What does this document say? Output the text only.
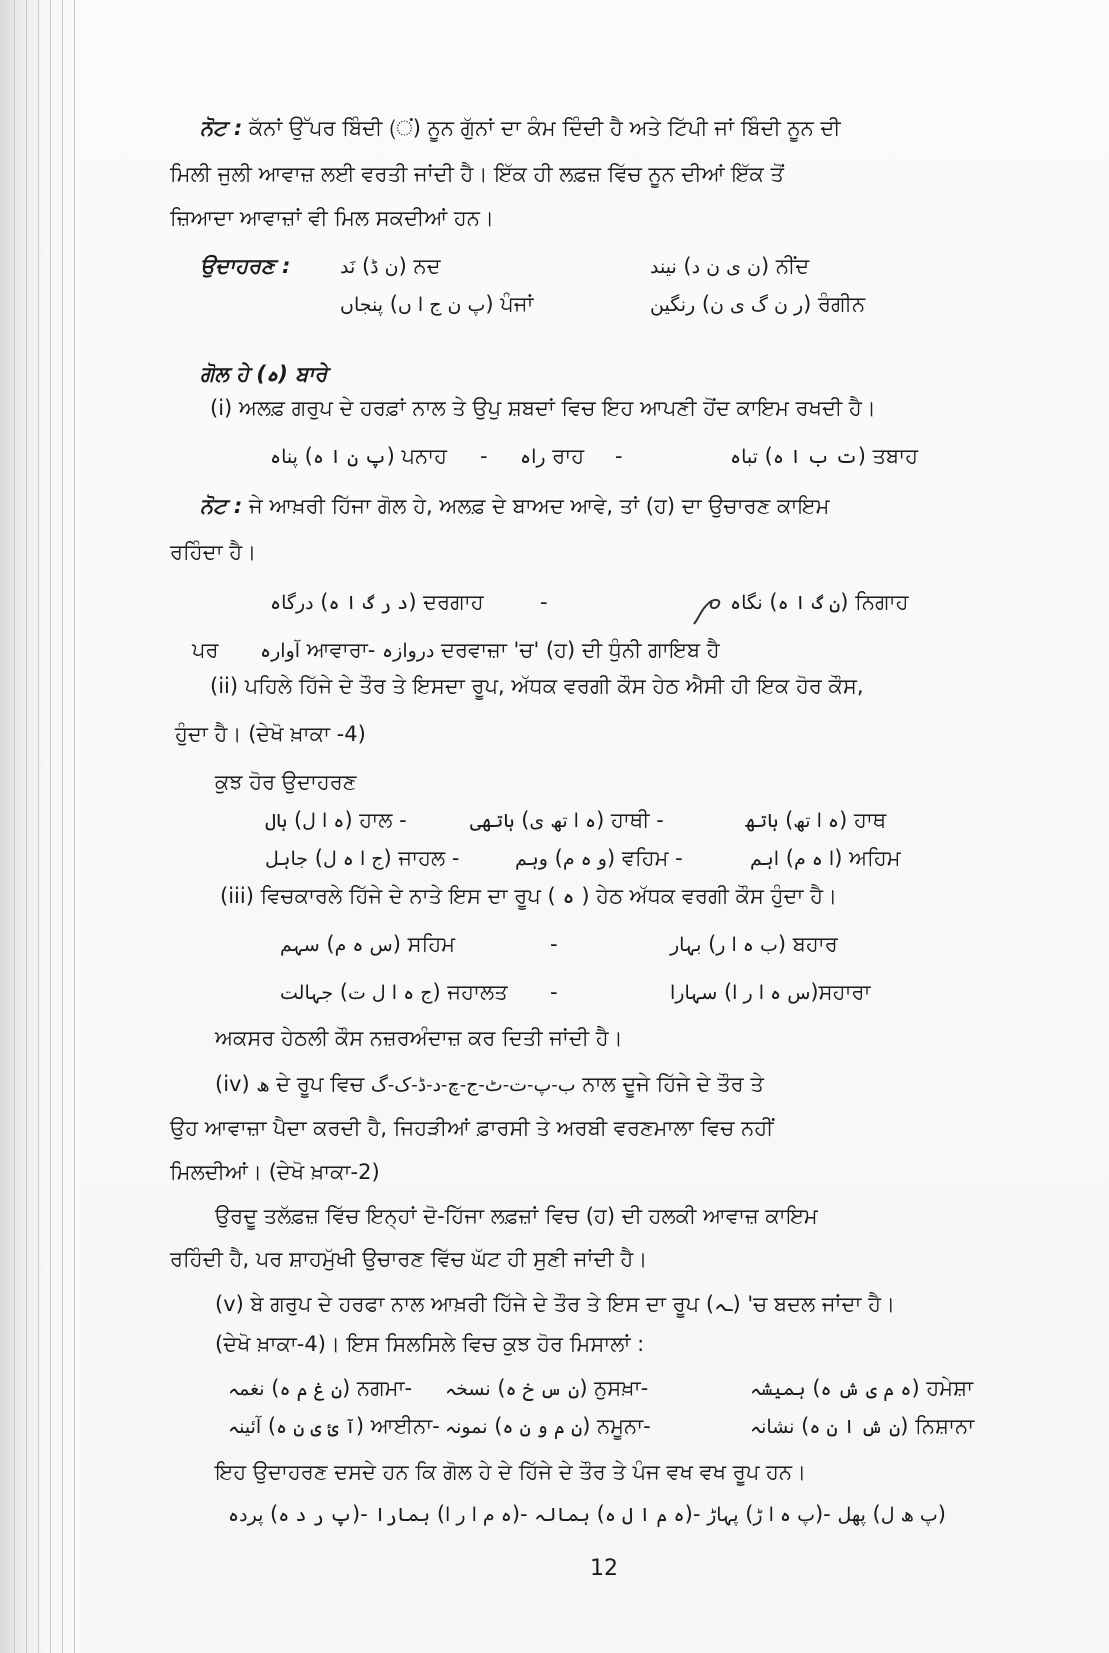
ਨੋਟ : ਕੱਨਾਂ ਉੱਪਰ ਬਿੰਦੀ (ਂ) ਨੂਨ ਗੁੱਨਾਂ ਦਾ ਕੰਮ ਦਿੰਦੀ ਹੈ ਅਤੇ ਟਿੱਪੀ ਜਾਂ ਬਿੰਦੀ ਨੂਨ ਦੀ
ਮਿਲੀ ਜੁਲੀ ਆਵਾਜ਼ ਲਈ ਵਰਤੀ ਜਾਂਦੀ ਹੈ। ਇੱਕ ਹੀ ਲਫ਼ਜ਼ ਵਿੱਚ ਨੂਨ ਦੀਆਂ ਇੱਕ ਤੋਂ
ਜ਼ਿਆਦਾ ਆਵਾਜ਼ਾਂ ਵੀ ਮਿਲ ਸਕਦੀਆਂ ਹਨ।
ਉਦਾਹਰਣ :	نَد (ن ڈ) ਨਦ	نیند (ن ی ن د) ਨੀਂਦ
پنجاں (پ ن ج ا ں) ਪੰਜਾਂ	رنگین (ر ن گ ی ن) ਰੰਗੀਨ
ਗੋਲ ਹੇ (ہ) ਬਾਰੇ
(i) ਅਲਫ਼ ਗਰੁਪ ਦੇ ਹਰਫ਼ਾਂ ਨਾਲ ਤੇ ਉਪੁ ਸ਼ਬਦਾਂ ਵਿਚ ਇਹ ਆਪਣੀ ਹੋਂਦ ਕਾਇਮ ਰਖਦੀ ਹੈ।
پناہ (پ ن ا ہ) ਪਨਾਹ - راہ ਰਾਹ -	تباہ (ت ب ا ہ) ਤਬਾਹ
ਨੋਟ : ਜੇ ਆਖ਼ਰੀ ਹਿੱਜਾ ਗੋਲ ਹੇ, ਅਲਫ਼ ਦੇ ਬਾਅਦ ਆਵੇ, ਤਾਂ (ਹ) ਦਾ ਉਚਾਰਣ ਕਾਇਮ
ਰਹਿੰਦਾ ਹੈ।
درگاہ (د ر گ ا ہ) ਦਰਗਾਹ	-	نگاہ (ن گ ا ہ) ਨਿਗਾਹ
ਪਰ آوارہ ਆਵਾਰਾ- دروازہ ਦਰਵਾਜ਼ਾ 'ਚ' (ਹ) ਦੀ ਧੁੰਨੀ ਗਾਇਬ ਹੈ
(ii) ਪਹਿਲੇ ਹਿੱਜੇ ਦੇ ਤੌਰ ਤੇ ਇਸਦਾ ਰੂਪ, ਅੱਧਕ ਵਰਗੀ ਕੌਸ ਹੇਠ ਐਸੀ ਹੀ ਇਕ ਹੋਰ ਕੌਸ,
ਹੁੰਦਾ ਹੈ। (ਦੇਖੋ ਖ਼ਾਕਾ -4)
ਕੁਝ ਹੋਰ ਉਦਾਹਰਣ
ہال (ہ ا ل) ਹਾਲ -	ہاتھی (ہ ا تھ ی) ਹਾਥੀ -	ہاتھ (ہ ا تھ) ਹਾਥ
جاہل (ج ا ہ ل) ਜਾਹਲ -	وہم (و ہ م) ਵਹਿਮ -	اہم (ا ہ م) ਅਹਿਮ
(iii) ਵਿਚਕਾਰਲੇ ਹਿੱਜੇ ਦੇ ਨਾਤੇ ਇਸ ਦਾ ਰੂਪ ( ہ ) ਹੇਠ ਅੱਧਕ ਵਰਗੀ ਕੌਸ ਹੁੰਦਾ ਹੈ।
سہم (س ہ م) ਸਹਿਮ	-	بہار (ب ہ ا ر) ਬਹਾਰ
جہالت (ج ہ ا ل ت) ਜਹਾਲਤ -	سہارا (س ہ ا ر ا)ਸਹਾਰਾ
ਅਕਸਰ ਹੇਠਲੀ ਕੌਸ ਨਜ਼ਰਅੰਦਾਜ਼ ਕਰ ਦਿਤੀ ਜਾਂਦੀ ਹੈ।
(iv) ھ ਦੇ ਰੂਪ ਵਿਚ ب-پ-ت-ٹ-ج-چ-د-ڈ-ک-گ ਨਾਲ ਦੂਜੇ ਹਿੱਜੇ ਦੇ ਤੌਰ ਤੇ
ਉਹ ਆਵਾਜ਼ਾ ਪੈਦਾ ਕਰਦੀ ਹੈ, ਜਿਹੜੀਆਂ ਫ਼ਾਰਸੀ ਤੇ ਅਰਬੀ ਵਰਣਮਾਲਾ ਵਿਚ ਨਹੀਂ
ਮਿਲਦੀਆਂ। (ਦੇਖੋ ਖ਼ਾਕਾ-2)
ਉਰਦੂ ਤਲੱਫ਼ਜ਼ ਵਿੱਚ ਇਨ੍ਹਾਂ ਦੋ-ਹਿੱਜਾ ਲਫ਼ਜ਼ਾਂ ਵਿਚ (ਹ) ਦੀ ਹਲਕੀ ਆਵਾਜ਼ ਕਾਇਮ
ਰਹਿੰਦੀ ਹੈ, ਪਰ ਸ਼ਾਹਮੁੱਖੀ ਉਚਾਰਣ ਵਿੱਚ ਘੱਟ ਹੀ ਸੁਣੀ ਜਾਂਦੀ ਹੈ।
(v) ਬੇ ਗਰੁਪ ਦੇ ਹਰਫਾ ਨਾਲ ਆਖ਼ਰੀ ਹਿੱਜੇ ਦੇ ਤੌਰ ਤੇ ਇਸ ਦਾ ਰੂਪ (ـہ) 'ਚ ਬਦਲ ਜਾਂਦਾ ਹੈ।
(ਦੇਖੋ ਖ਼ਾਕਾ-4)। ਇਸ ਸਿਲਸਿਲੇ ਵਿਚ ਕੁਝ ਹੋਰ ਮਿਸਾਲਾਂ :
نغمہ (ن غ م ہ) ਨਗਮਾ- نسخہ (ن س خ ہ) ਨੁਸਖ਼ਾ-	ہمیشہ (ہ م ی ش ہ) ਹਮੇਸ਼ਾ
آئینہ (آ ئ ی ن ہ) ਆਈਨਾ- نمونہ (ن م و ن ہ) ਨਮੂਨਾ-	نشانہ (ن ش ا ن ہ) ਨਿਸ਼ਾਨਾ
ਇਹ ਉਦਾਹਰਣ ਦਸਦੇ ਹਨ ਕਿ ਗੋਲ ਹੇ ਦੇ ਹਿੱਜੇ ਦੇ ਤੌਰ ਤੇ ਪੰਜ ਵਖ ਵਖ ਰੂਪ ਹਨ।
پردہ (پ ر د ہ)- ہمارا (ہ م ا ر ا)- ہمالہ (ہ م ا ل ہ)- پہاڑ (پ ہ ا ڑ)- پھل (پ ھ ل)
12
